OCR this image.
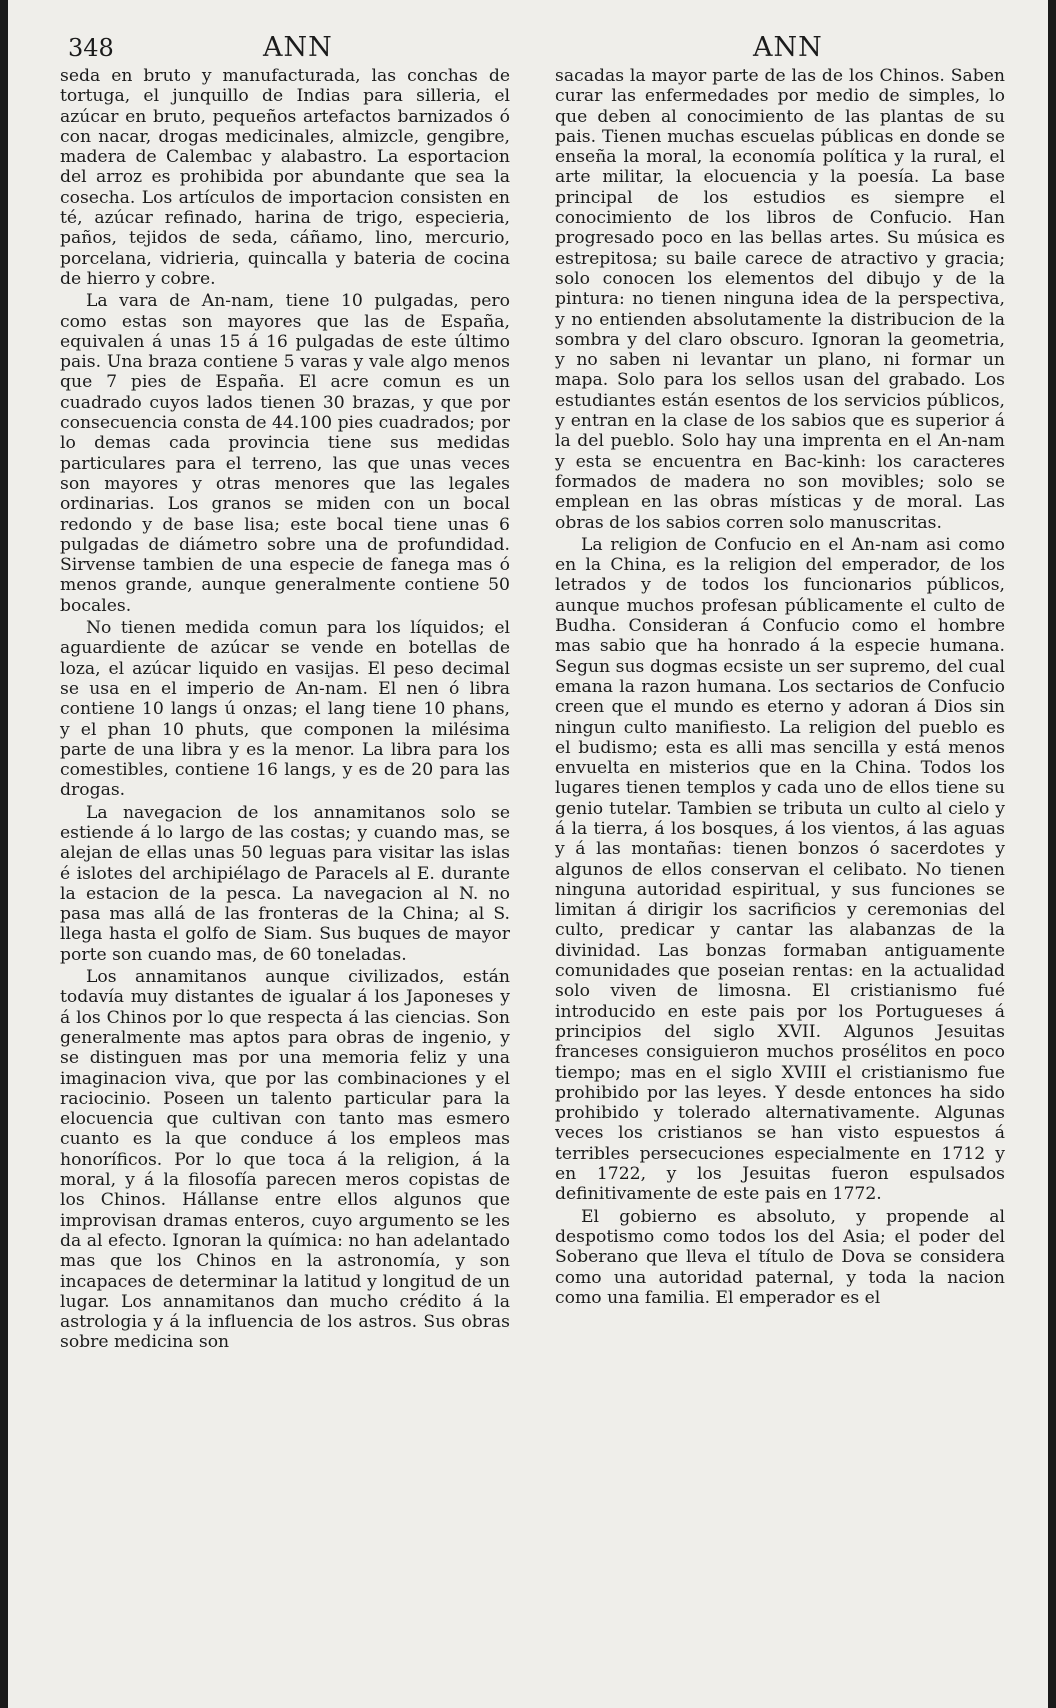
348	ANN	ANN

seda en bruto y manufacturada, las conchas de tortuga, el junquillo de Indias para silleria, el azúcar en bruto, pequeños artefactos barnizados ó con nacar, drogas medicinales, almizcle, gengibre, madera de Calembac y alabastro. La esportacion del arroz es prohibida por abundante que sea la cosecha. Los artículos de importacion consisten en té, azúcar refinado, harina de trigo, especieria, paños, tejidos de seda, cáñamo, lino, mercurio, porcelana, vidrieria, quincalla y bateria de cocina de hierro y cobre.

La vara de An-nam, tiene 10 pulgadas, pero como estas son mayores que las de España, equivalen á unas 15 á 16 pulgadas de este último pais. Una braza contiene 5 varas y vale algo menos que 7 pies de España. El acre comun es un cuadrado cuyos lados tienen 30 brazas, y que por consecuencia consta de 44.100 pies cuadrados; por lo demas cada provincia tiene sus medidas particulares para el terreno, las que unas veces son mayores y otras menores que las legales ordinarias. Los granos se miden con un bocal redondo y de base lisa; este bocal tiene unas 6 pulgadas de diámetro sobre una de profundidad. Sirvense tambien de una especie de fanega mas ó menos grande, aunque generalmente contiene 50 bocales.

No tienen medida comun para los líquidos; el aguardiente de azúcar se vende en botellas de loza, el azúcar liquido en vasijas. El peso decimal se usa en el imperio de An-nam. El nen ó libra contiene 10 langs ú onzas; el lang tiene 10 phans, y el phan 10 phuts, que componen la milésima parte de una libra y es la menor. La libra para los comestibles, contiene 16 langs, y es de 20 para las drogas.

La navegacion de los annamitanos solo se estiende á lo largo de las costas; y cuando mas, se alejan de ellas unas 50 leguas para visitar las islas é islotes del archipiélago de Paracels al E. durante la estacion de la pesca. La navegacion al N. no pasa mas allá de las fronteras de la China; al S. llega hasta el golfo de Siam. Sus buques de mayor porte son cuando mas, de 60 toneladas.

Los annamitanos aunque civilizados, están todavía muy distantes de igualar á los Japoneses y á los Chinos por lo que respecta á las ciencias. Son generalmente mas aptos para obras de ingenio, y se distinguen mas por una memoria feliz y una imaginacion viva, que por las combinaciones y el raciocinio. Poseen un talento particular para la elocuencia que cultivan con tanto mas esmero cuanto es la que conduce á los empleos mas honoríficos. Por lo que toca á la religion, á la moral, y á la filosofía parecen meros copistas de los Chinos. Hállanse entre ellos algunos que improvisan dramas enteros, cuyo argumento se les da al efecto. Ignoran la química: no han adelantado mas que los Chinos en la astronomía, y son incapaces de determinar la latitud y longitud de un lugar. Los annamitanos dan mucho crédito á la astrologia y á la influencia de los astros. Sus obras sobre medicina son

sacadas la mayor parte de las de los Chinos. Saben curar las enfermedades por medio de simples, lo que deben al conocimiento de las plantas de su pais. Tienen muchas escuelas públicas en donde se enseña la moral, la economía política y la rural, el arte militar, la elocuencia y la poesía. La base principal de los estudios es siempre el conocimiento de los libros de Confucio. Han progresado poco en las bellas artes. Su música es estrepitosa; su baile carece de atractivo y gracia; solo conocen los elementos del dibujo y de la pintura: no tienen ninguna idea de la perspectiva, y no entienden absolutamente la distribucion de la sombra y del claro obscuro. Ignoran la geometria, y no saben ni levantar un plano, ni formar un mapa. Solo para los sellos usan del grabado. Los estudiantes están esentos de los servicios públicos, y entran en la clase de los sabios que es superior á la del pueblo. Solo hay una imprenta en el An-nam y esta se encuentra en Bac-kinh: los caracteres formados de madera no son movibles; solo se emplean en las obras místicas y de moral. Las obras de los sabios corren solo manuscritas.

La religion de Confucio en el An-nam asi como en la China, es la religion del emperador, de los letrados y de todos los funcionarios públicos, aunque muchos profesan públicamente el culto de Budha. Consideran á Confucio como el hombre mas sabio que ha honrado á la especie humana. Segun sus dogmas ecsiste un ser supremo, del cual emana la razon humana. Los sectarios de Confucio creen que el mundo es eterno y adoran á Dios sin ningun culto manifiesto. La religion del pueblo es el budismo; esta es alli mas sencilla y está menos envuelta en misterios que en la China. Todos los lugares tienen templos y cada uno de ellos tiene su genio tutelar. Tambien se tributa un culto al cielo y á la tierra, á los bosques, á los vientos, á las aguas y á las montañas: tienen bonzos ó sacerdotes y algunos de ellos conservan el celibato. No tienen ninguna autoridad espiritual, y sus funciones se limitan á dirigir los sacrificios y ceremonias del culto, predicar y cantar las alabanzas de la divinidad. Las bonzas formaban antiguamente comunidades que poseian rentas: en la actualidad solo viven de limosna. El cristianismo fué introducido en este pais por los Portugueses á principios del siglo XVII. Algunos Jesuitas franceses consiguieron muchos prosélitos en poco tiempo; mas en el siglo XVIII el cristianismo fue prohibido por las leyes. Y desde entonces ha sido prohibido y tolerado alternativamente. Algunas veces los cristianos se han visto espuestos á terribles persecuciones especialmente en 1712 y en 1722, y los Jesuitas fueron espulsados definitivamente de este pais en 1772.

El gobierno es absoluto, y propende al despotismo como todos los del Asia; el poder del Soberano que lleva el título de Dova se considera como una autoridad paternal, y toda la nacion como una familia. El emperador es el
